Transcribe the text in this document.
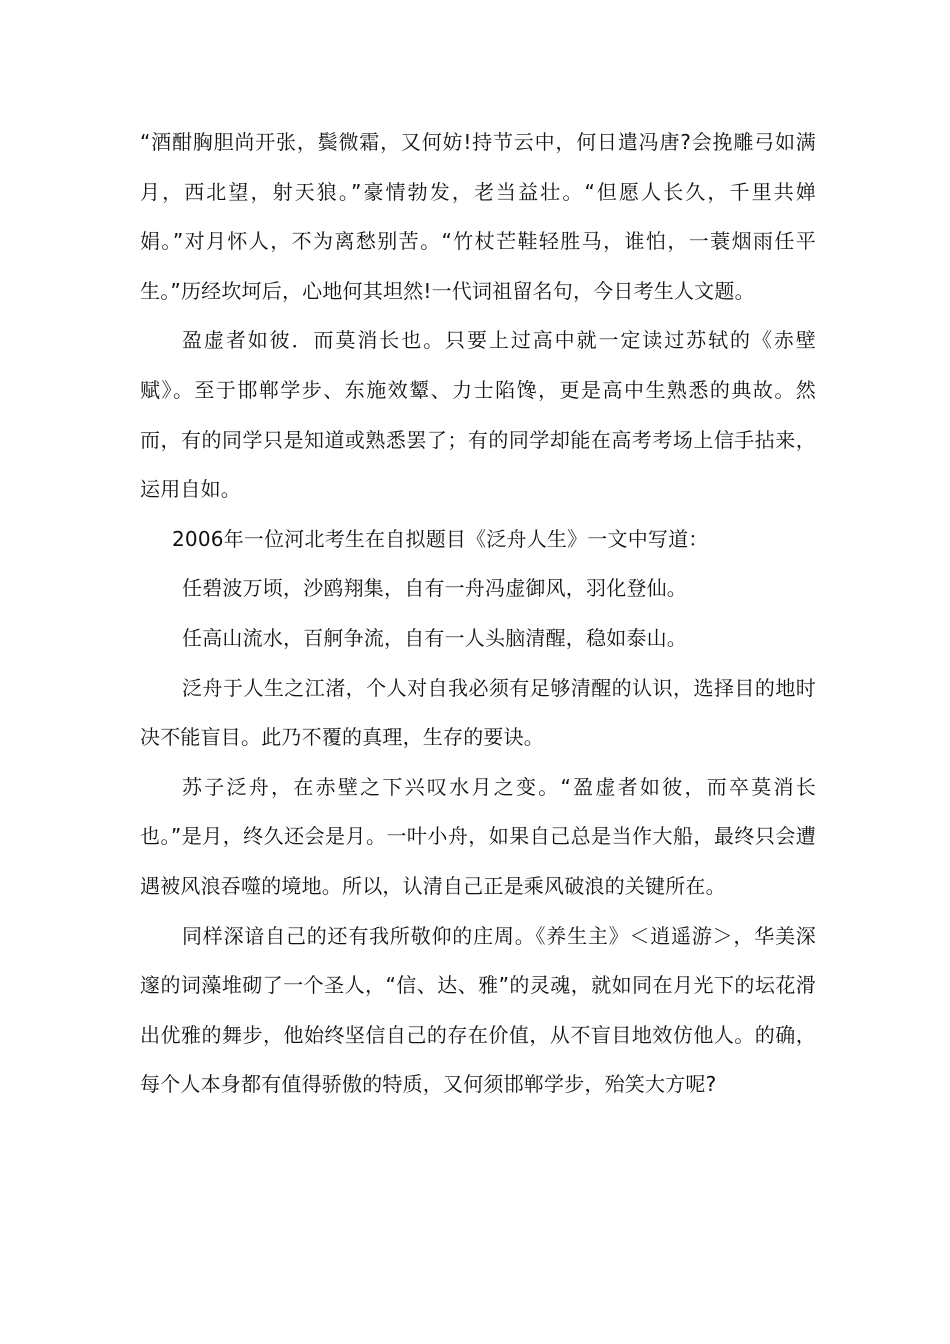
“酒酣胸胆尚开张，鬓微霜，又何妨!持节云中，何日遣冯唐?会挽雕弓如满月，西北望，射天狼。”豪情勃发，老当益壮。“但愿人长久，千里共婵娟。”对月怀人，不为离愁别苦。“竹杖芒鞋轻胜马，谁怕，一蓑烟雨任平生。”历经坎坷后，心地何其坦然!一代词祖留名句，今日考生人文题。

盈虚者如彼．而莫消长也。只要上过高中就一定读过苏轼的《赤壁赋》。至于邯郸学步、东施效颦、力士陷馋，更是高中生熟悉的典故。然而，有的同学只是知道或熟悉罢了；有的同学却能在高考考场上信手拈来，运用自如。

2006年一位河北考生在自拟题目《泛舟人生》一文中写道：

任碧波万顷，沙鸥翔集，自有一舟冯虚御风，羽化登仙。

任高山流水，百舸争流，自有一人头脑清醒，稳如泰山。

泛舟于人生之江渚，个人对自我必须有足够清醒的认识，选择目的地时决不能盲目。此乃不覆的真理，生存的要诀。

苏子泛舟，在赤壁之下兴叹水月之变。“盈虚者如彼，而卒莫消长也。”是月，终久还会是月。一叶小舟，如果自己总是当作大船，最终只会遭遇被风浪吞噬的境地。所以，认清自己正是乘风破浪的关键所在。

同样深谙自己的还有我所敬仰的庄周。《养生主》＜逍遥游＞，华美深邃的词藻堆砌了一个圣人，“信、达、雅”的灵魂，就如同在月光下的坛花滑出优雅的舞步，他始终坚信自己的存在价值，从不盲目地效仿他人。的确，每个人本身都有值得骄傲的特质，又何须邯郸学步，殆笑大方呢?
